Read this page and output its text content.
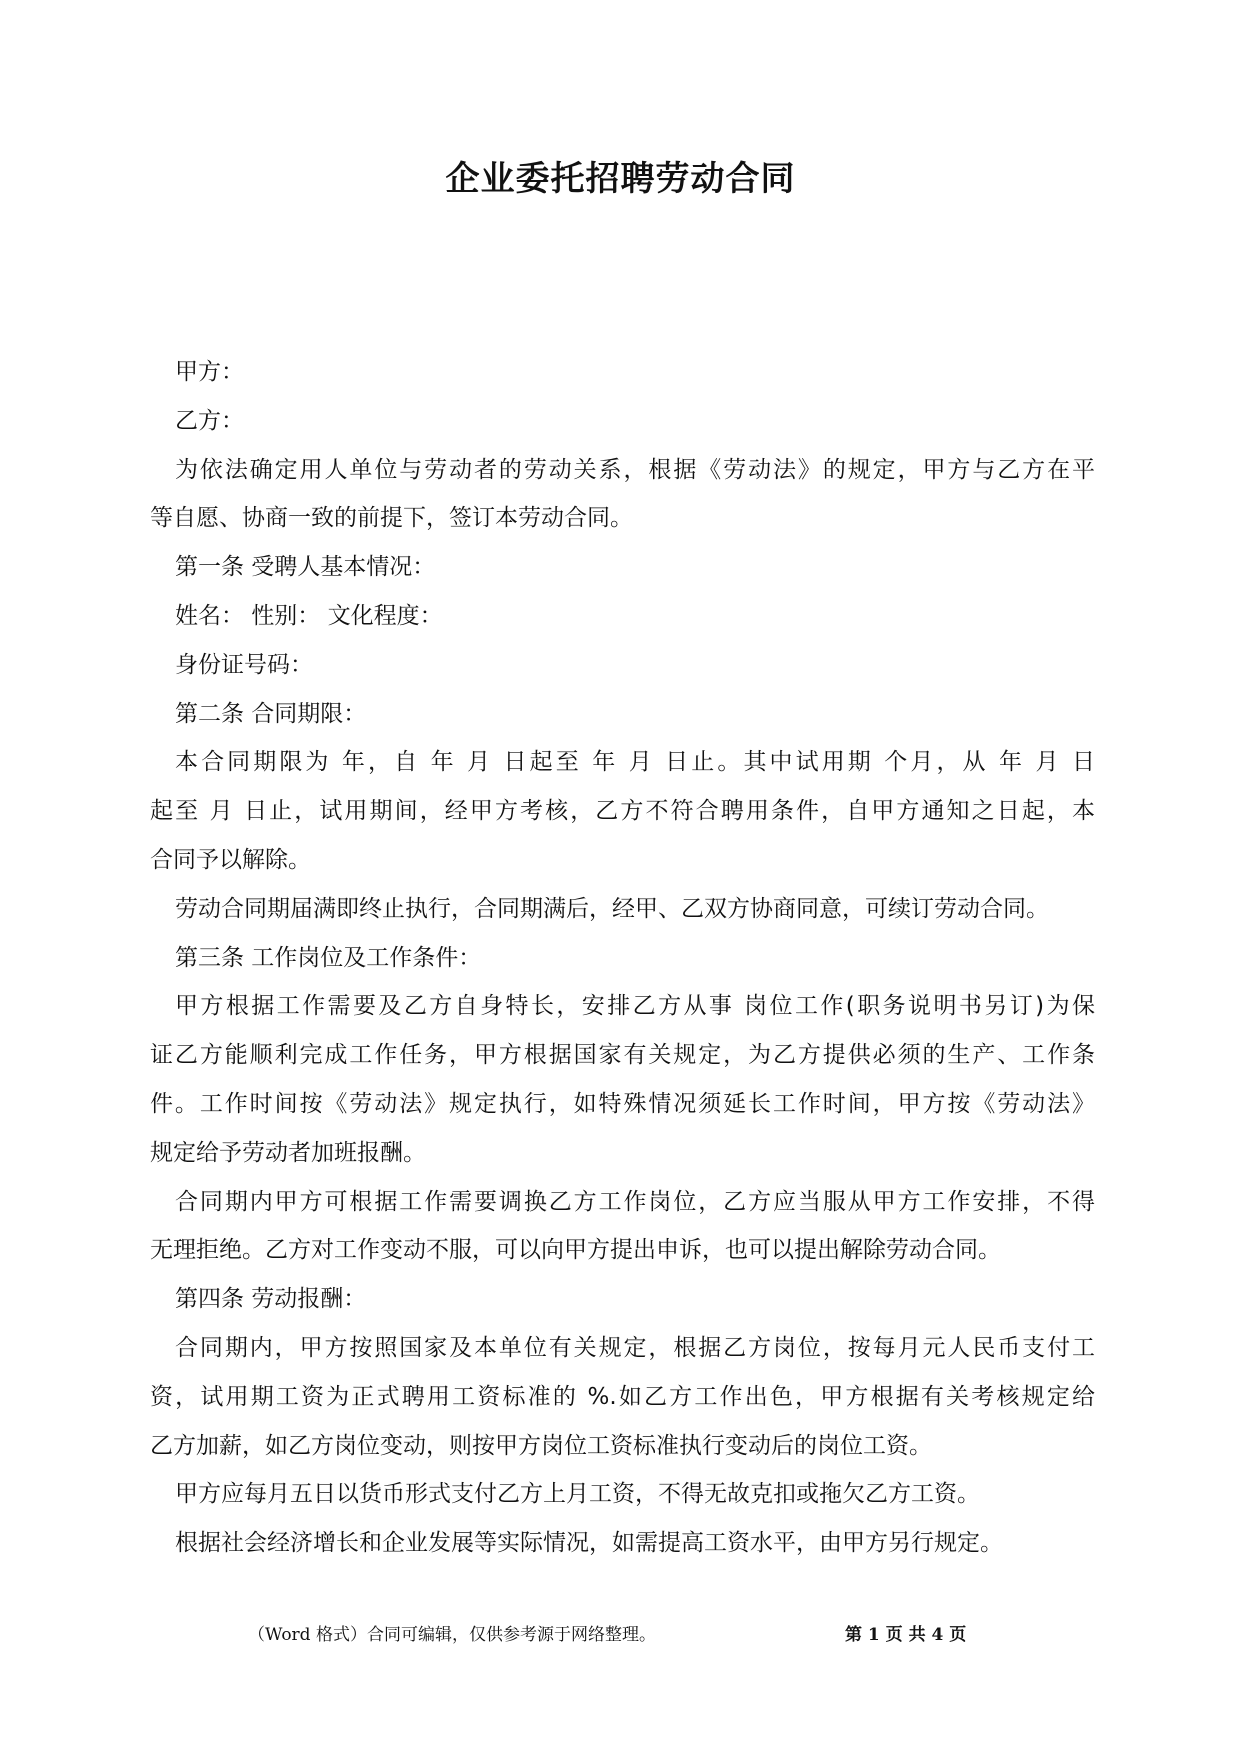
企业委托招聘劳动合同
甲方：
乙方：
为依法确定用人单位与劳动者的劳动关系，根据《劳动法》的规定，甲方与乙方在平
等自愿、协商一致的前提下，签订本劳动合同。
第一条 受聘人基本情况：
姓名： 性别： 文化程度：
身份证号码：
第二条 合同期限：
本合同期限为 年，自 年 月 日起至 年 月 日止。其中试用期 个月，从 年 月 日
起至 月 日止，试用期间，经甲方考核，乙方不符合聘用条件，自甲方通知之日起，本
合同予以解除。
劳动合同期届满即终止执行，合同期满后，经甲、乙双方协商同意，可续订劳动合同。
第三条 工作岗位及工作条件：
甲方根据工作需要及乙方自身特长，安排乙方从事 岗位工作(职务说明书另订)为保
证乙方能顺利完成工作任务，甲方根据国家有关规定，为乙方提供必须的生产、工作条
件。工作时间按《劳动法》规定执行，如特殊情况须延长工作时间，甲方按《劳动法》
规定给予劳动者加班报酬。
合同期内甲方可根据工作需要调换乙方工作岗位，乙方应当服从甲方工作安排，不得
无理拒绝。乙方对工作变动不服，可以向甲方提出申诉，也可以提出解除劳动合同。
第四条 劳动报酬：
合同期内，甲方按照国家及本单位有关规定，根据乙方岗位，按每月元人民币支付工
资，试用期工资为正式聘用工资标准的 %.如乙方工作出色，甲方根据有关考核规定给
乙方加薪，如乙方岗位变动，则按甲方岗位工资标准执行变动后的岗位工资。
甲方应每月五日以货币形式支付乙方上月工资，不得无故克扣或拖欠乙方工资。
根据社会经济增长和企业发展等实际情况，如需提高工资水平，由甲方另行规定。
（Word 格式）合同可编辑，仅供参考源于网络整理。	第 1 页 共 4 页
